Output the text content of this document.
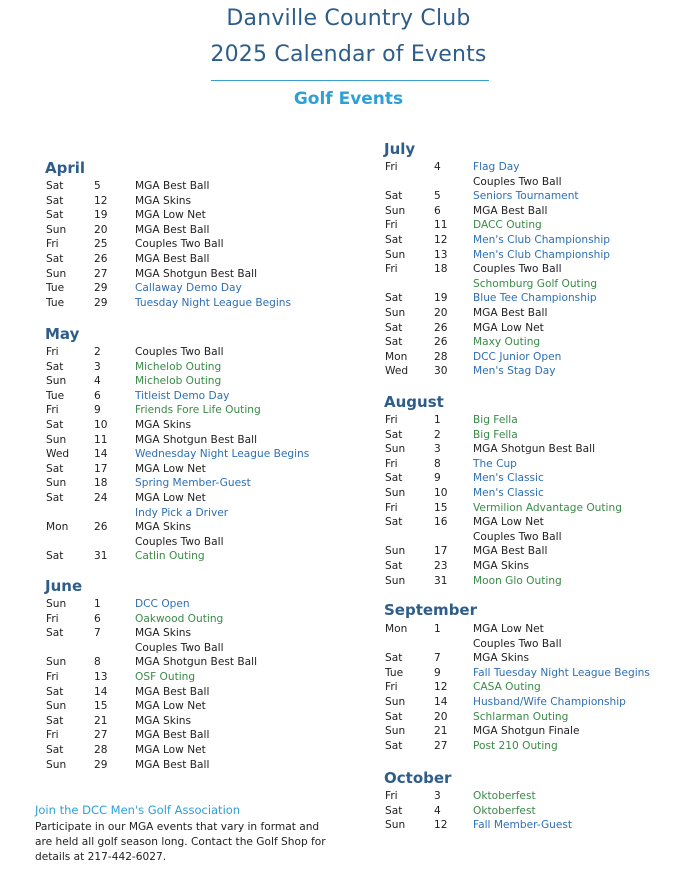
Danville Country Club
2025 Calendar of Events
Golf Events
April
May
June
July
August
September
October
Join the DCC Men's Golf Association
Participate in our MGA events that vary in format and are held all golf season long. Contact the Golf Shop for details at 217-442-6027.
Sat	5	MGA Best Ball
Sat	12	MGA Skins
Sat	19	MGA Low Net
Sun	20	MGA Best Ball
Fri	25	Couples Two Ball
Sat	26	MGA Best Ball
Sun	27	MGA Shotgun Best Ball
Tue	29	Callaway Demo Day
Tue	29	Tuesday Night League Begins
Fri	2	Couples Two Ball
Sat	3	Michelob Outing
Sun	4	Michelob Outing
Tue	6	Titleist Demo Day
Fri	9	Friends Fore Life Outing
Sat	10	MGA Skins
Sun	11	MGA Shotgun Best Ball
Wed 14	Wednesday Night League Begins
Sat	17	MGA Low Net
Sun	18	Spring Member-Guest
Sat	24	MGA Low Net
Indy Pick a Driver
Mon 26	MGA Skins
Couples Two Ball
Sat	31	Catlin Outing
Sun	1	DCC Open
Fri	6	Oakwood Outing
Sat	7	MGA Skins
Couples Two Ball
Sun	8	MGA Shotgun Best Ball
Fri	13	OSF Outing
Sat	14	MGA Best Ball
Sun	15	MGA Low Net
Sat	21	MGA Skins
Fri	27	MGA Best Ball
Sat	28	MGA Low Net
Sun	29	MGA Best Ball
Fri	4	Flag Day
Couples Two Ball
Sat	5	Seniors Tournament
Sun	6	MGA Best Ball
Fri	11 DACC Outing
Sat	12 Men's Club Championship
Sun	13 Men's Club Championship
Fri	18 Couples Two Ball
Schomburg Golf Outing
Sat	19 Blue Tee Championship
Sun	20 MGA Best Ball
Sat	26 MGA Low Net
Sat	26 Maxy Outing
Mon	28 DCC Junior Open
Wed 30 Men's Stag Day
Fri	1	Big Fella
Sat	2	Big Fella
Sun	3	MGA Shotgun Best Ball
Fri	8	The Cup
Sat	9	Men's Classic
Sun	10 Men's Classic
Fri	15 Vermilion Advantage Outing
Sat	16 MGA Low Net
Couples Two Ball
Sun	17 MGA Best Ball
Sat	23 MGA Skins
Sun	31 Moon Glo Outing
Mon	1	MGA Low Net
Couples Two Ball
Sat	7	MGA Skins
Tue	9	Fall Tuesday Night League Begins
Fri	12 CASA Outing
Sun	14 Husband/Wife Championship
Sat	20 Schlarman Outing
Sun	21 MGA Shotgun Finale
Sat	27 Post 210 Outing
Fri	3	Oktoberfest
Sat	4	Oktoberfest
Sun	12 Fall Member-Guest
